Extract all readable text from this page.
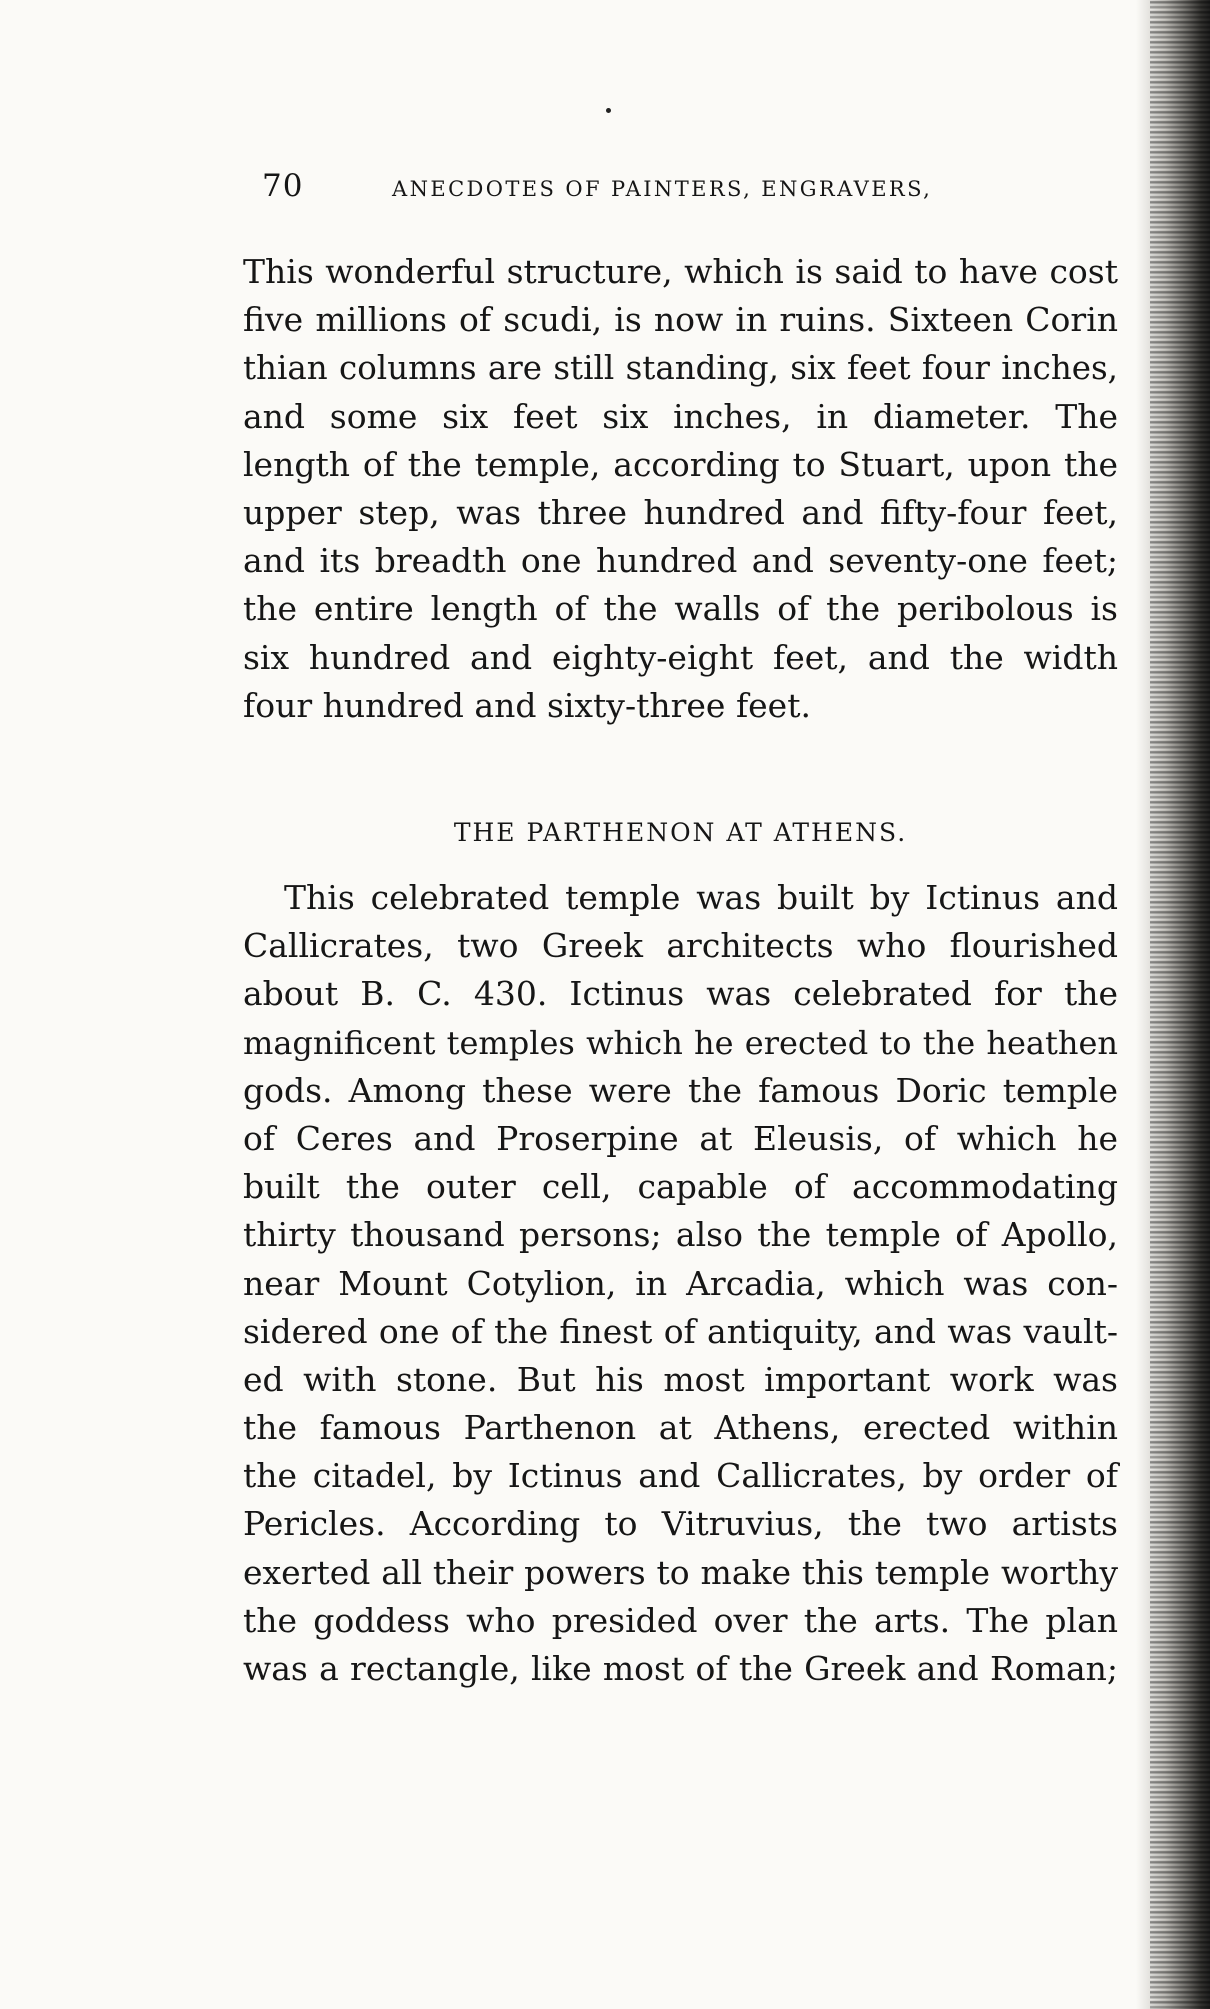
70	ANECDOTES OF PAINTERS, ENGRAVERS,
This wonderful structure, which is said to have cost
five millions of scudi, is now in ruins. Sixteen Corin
thian columns are still standing, six feet four inches,
and some six feet six inches, in diameter. The
length of the temple, according to Stuart, upon the
upper step, was three hundred and fifty-four feet,
and its breadth one hundred and seventy-one feet;
the entire length of the walls of the peribolous is
six hundred and eighty-eight feet, and the width
four hundred and sixty-three feet.
THE PARTHENON AT ATHENS.
This celebrated temple was built by Ictinus and
Callicrates, two Greek architects who flourished
about B. C. 430. Ictinus was celebrated for the
magnificent temples which he erected to the heathen
gods. Among these were the famous Doric temple
of Ceres and Proserpine at Eleusis, of which he
built the outer cell, capable of accommodating
thirty thousand persons; also the temple of Apollo,
near Mount Cotylion, in Arcadia, which was con-
sidered one of the finest of antiquity, and was vault-
ed with stone. But his most important work was
the famous Parthenon at Athens, erected within
the citadel, by Ictinus and Callicrates, by order of
Pericles. According to Vitruvius, the two artists
exerted all their powers to make this temple worthy
the goddess who presided over the arts. The plan
was a rectangle, like most of the Greek and Roman;
